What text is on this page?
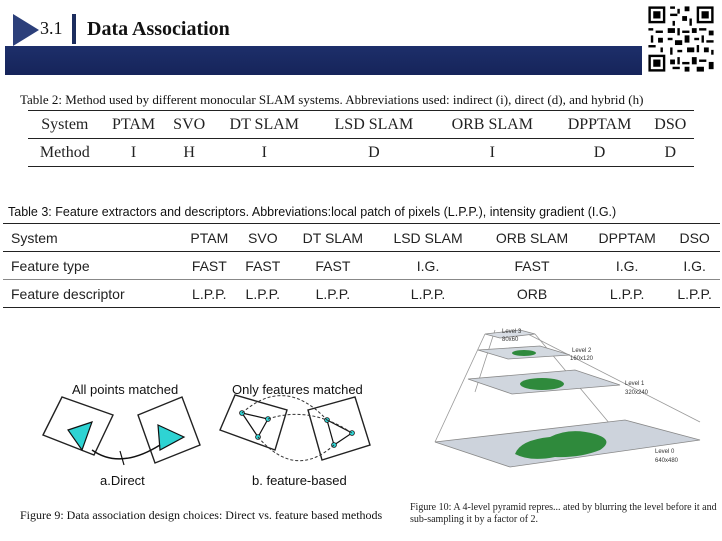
3.1 Data Association
Table 2: Method used by different monocular SLAM systems. Abbreviations used: indirect (i), direct (d), and hybrid (h)
System	PTAM	SVO	DT SLAM	LSD SLAM	ORB SLAM	DPPTAM	DSO
Method	I	H	I	D	I	D	D
Table 3: Feature extractors and descriptors. Abbreviations:local patch of pixels (L.P.P.), intensity gradient (I.G.)
System	PTAM	SVO	DT SLAM	LSD SLAM	ORB SLAM	DPPTAM	DSO
Feature type	FAST	FAST	FAST	I.G.	FAST	I.G.	I.G.
Feature descriptor	L.P.P.	L.P.P.	L.P.P.	L.P.P.	ORB	L.P.P.	L.P.P.
All points matched	Only features matched
a.Direct	b. feature-based
Figure 9: Data association design choices: Direct vs. feature based methods
Level 3
80x60
Level 2
160x120
Level 1
320x240
Level 0
640x480
Figure 10: A 4-level pyramid repres... ated by blurring the level before it and sub-sampling it by a factor of 2.
